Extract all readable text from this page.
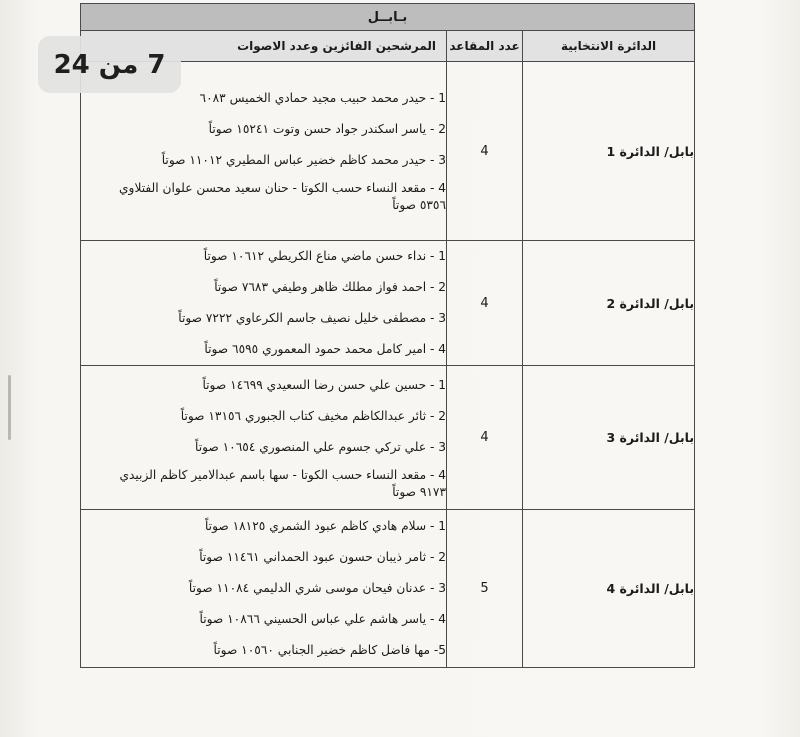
بـابــل		
الدائرة الانتخابية	عدد المقاعد	المرشحين الفائزين وعدد الاصوات
بابل/ الدائرة 1	4	1 - حيدر محمد حبيب مجيد حمادي الخميس ٦٠٨٣
2 - ياسر اسكندر جواد حسن وتوت ١٥٢٤١ صوتاً
3 - حيدر محمد كاظم خضير عباس المطيري ١١٠١٢ صوتاً
4 - مقعد النساء حسب الكوتا - حنان سعيد محسن علوان الفتلاوي
٥٣٥٦ صوتاً

بابل/ الدائرة 2	4	1 - نداء حسن ماضي مناع الكريطي ١٠٦١٢ صوتاً
2 - احمد فواز مطلك ظاهر وطيفي ٧٦٨٣ صوتاً
3 - مصطفى خليل نصيف جاسم الكرعاوي ٧٢٢٢ صوتاً
4 - امير كامل محمد حمود المعموري ٦٥٩٥ صوتاً

بابل/ الدائرة 3	4	1 - حسين علي حسن رضا السعيدي ١٤٦٩٩ صوتاً
2 - ثائر عبدالكاظم مخيف كتاب الجبوري ١٣١٥٦ صوتاً
3 - علي تركي جسوم علي المنصوري ١٠٦٥٤ صوتاً
4 - مقعد النساء حسب الكوتا - سها باسم عبدالامير كاظم الزبيدي
٩١٧٣ صوتاً

بابل/ الدائرة 4	5	1 - سلام هادي كاظم عبود الشمري ١٨١٢٥ صوتاً
2 - ثامر ذيبان حسون عبود الحمداني ١١٤٦١ صوتاً
3 - عدنان فيحان موسى شري الدليمي ١١٠٨٤ صوتاً
4 - ياسر هاشم علي عباس الحسيني ١٠٨٦٦ صوتاً
5- مها فاضل كاظم خضير الجنابي ١٠٥٦٠ صوتاً
7 من 24
